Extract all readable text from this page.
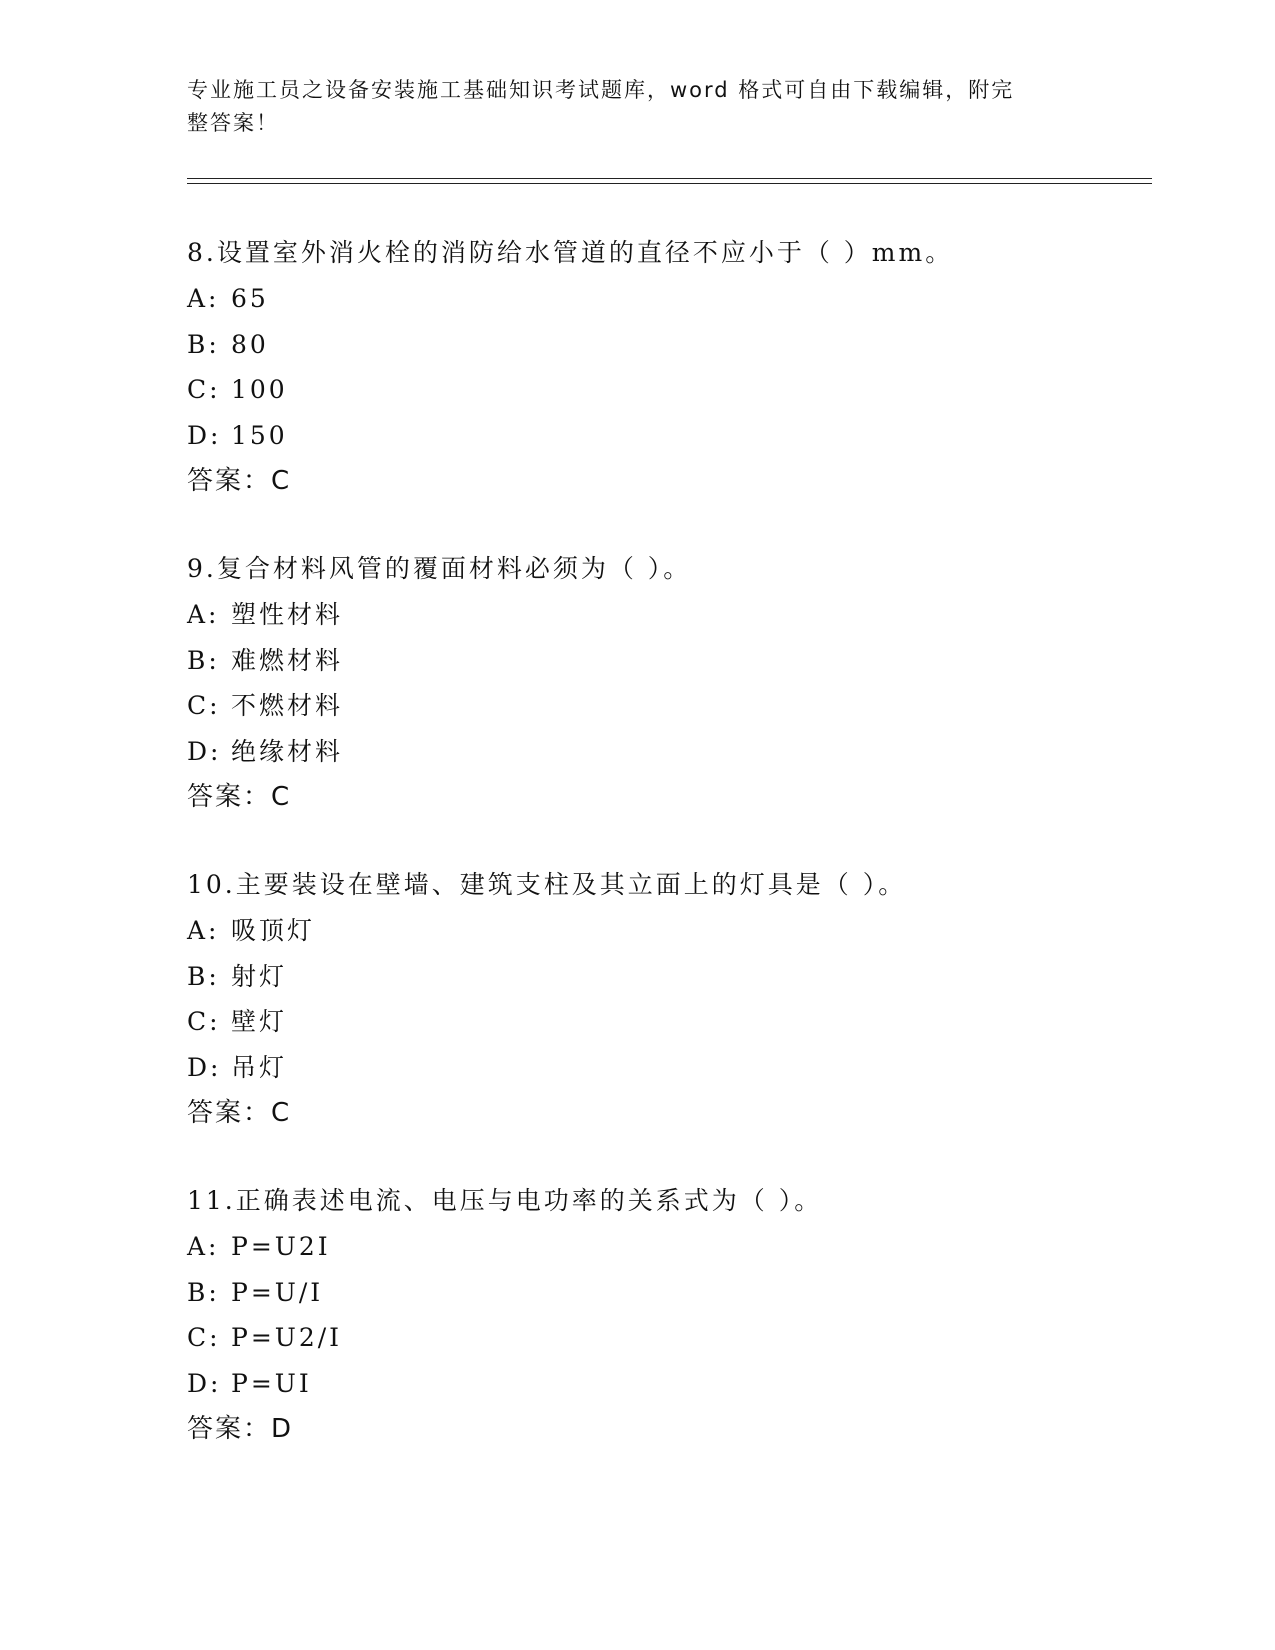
专业施工员之设备安装施工基础知识考试题库，word 格式可自由下载编辑，附完
整答案！
8.设置室外消火栓的消防给水管道的直径不应小于（ ）mm。
A: 65
B: 80
C: 100
D: 150
答案：C
9.复合材料风管的覆面材料必须为（ ）。
A: 塑性材料
B: 难燃材料
C: 不燃材料
D: 绝缘材料
答案：C
10.主要装设在壁墙、建筑支柱及其立面上的灯具是（ ）。
A: 吸顶灯
B: 射灯
C: 壁灯
D: 吊灯
答案：C
11.正确表述电流、电压与电功率的关系式为（ ）。
A: P=U2I
B: P=U/I
C: P=U2/I
D: P=UI
答案：D
